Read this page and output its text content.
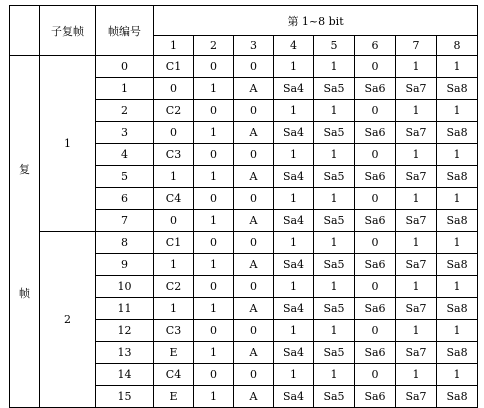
	子复帧	帧编号	第 1~8 bit							
			1	2	3	4	5	6	7	8

复
帧	1	0	C1	0	0	1	1	0	1	1
		1	0	1	A	Sa4	Sa5	Sa6	Sa7	Sa8
		2	C2	0	0	1	1	0	1	1
		3	0	1	A	Sa4	Sa5	Sa6	Sa7	Sa8
		4	C3	0	0	1	1	0	1	1
		5	1	1	A	Sa4	Sa5	Sa6	Sa7	Sa8
		6	C4	0	0	1	1	0	1	1
		7	0	1	A	Sa4	Sa5	Sa6	Sa7	Sa8
	2	8	C1	0	0	1	1	0	1	1
		9	1	1	A	Sa4	Sa5	Sa6	Sa7	Sa8
		10	C2	0	0	1	1	0	1	1
		11	1	1	A	Sa4	Sa5	Sa6	Sa7	Sa8
		12	C3	0	0	1	1	0	1	1
		13	E	1	A	Sa4	Sa5	Sa6	Sa7	Sa8
		14	C4	0	0	1	1	0	1	1
		15	E	1	A	Sa4	Sa5	Sa6	Sa7	Sa8
